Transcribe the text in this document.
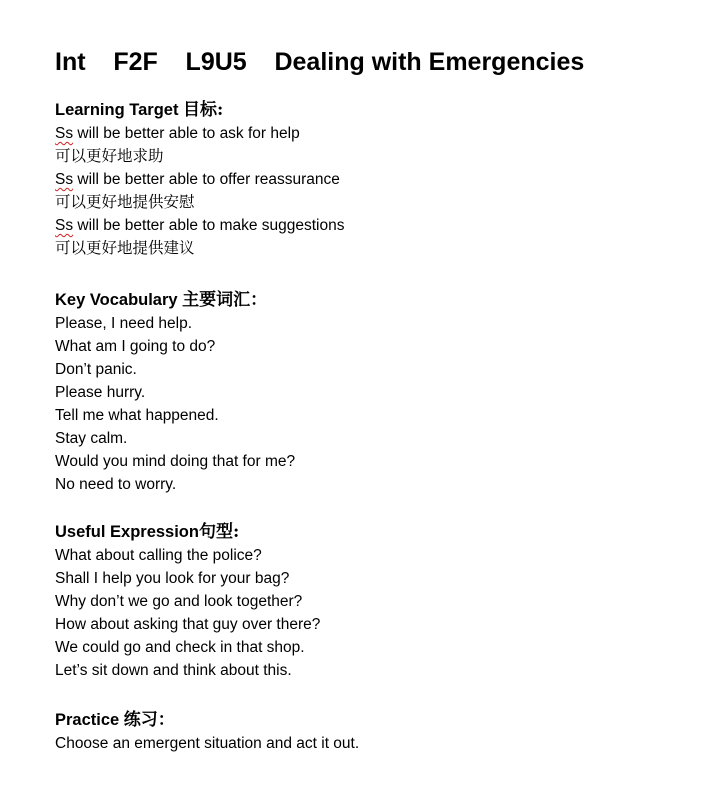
Int    F2F    L9U5    Dealing with Emergencies

Learning Target 目标:

Ss will be better able to ask for help

可以更好地求助

Ss will be better able to offer reassurance

可以更好地提供安慰

Ss will be better able to make suggestions

可以更好地提供建议

Key Vocabulary 主要词汇：

Please, I need help.

What am I going to do?

Don’t panic.

Please hurry.

Tell me what happened.

Stay calm.

Would you mind doing that for me?

No need to worry.

Useful Expression句型:

What about calling the police?

Shall I help you look for your bag?

Why don’t we go and look together?

How about asking that guy over there?

We could go and check in that shop.

Let’s sit down and think about this.

Practice 练习：

Choose an emergent situation and act it out.
